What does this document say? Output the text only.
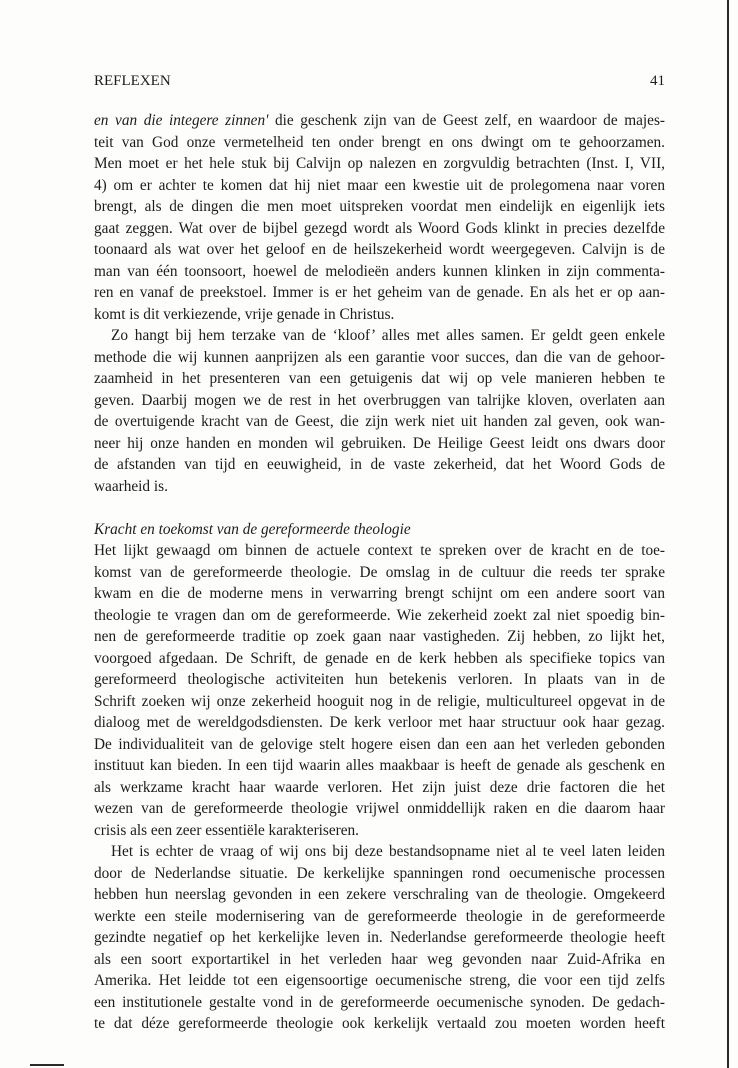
REFLEXEN	41
en van die integere zinnen' die geschenk zijn van de Geest zelf, en waardoor de majes-
teit van God onze vermetelheid ten onder brengt en ons dwingt om te gehoorzamen.
Men moet er het hele stuk bij Calvijn op nalezen en zorgvuldig betrachten (Inst. I, VII,
4) om er achter te komen dat hij niet maar een kwestie uit de prolegomena naar voren
brengt, als de dingen die men moet uitspreken voordat men eindelijk en eigenlijk iets
gaat zeggen. Wat over de bijbel gezegd wordt als Woord Gods klinkt in precies dezelfde
toonaard als wat over het geloof en de heilszekerheid wordt weergegeven. Calvijn is de
man van één toonsoort, hoewel de melodieën anders kunnen klinken in zijn commenta-
ren en vanaf de preekstoel. Immer is er het geheim van de genade. En als het er op aan-
komt is dit verkiezende, vrije genade in Christus.
Zo hangt bij hem terzake van de ‘kloof’ alles met alles samen. Er geldt geen enkele
methode die wij kunnen aanprijzen als een garantie voor succes, dan die van de gehoor-
zaamheid in het presenteren van een getuigenis dat wij op vele manieren hebben te
geven. Daarbij mogen we de rest in het overbruggen van talrijke kloven, overlaten aan
de overtuigende kracht van de Geest, die zijn werk niet uit handen zal geven, ook wan-
neer hij onze handen en monden wil gebruiken. De Heilige Geest leidt ons dwars door
de afstanden van tijd en eeuwigheid, in de vaste zekerheid, dat het Woord Gods de
waarheid is.
Kracht en toekomst van de gereformeerde theologie
Het lijkt gewaagd om binnen de actuele context te spreken over de kracht en de toe-
komst van de gereformeerde theologie. De omslag in de cultuur die reeds ter sprake
kwam en die de moderne mens in verwarring brengt schijnt om een andere soort van
theologie te vragen dan om de gereformeerde. Wie zekerheid zoekt zal niet spoedig bin-
nen de gereformeerde traditie op zoek gaan naar vastigheden. Zij hebben, zo lijkt het,
voorgoed afgedaan. De Schrift, de genade en de kerk hebben als specifieke topics van
gereformeerd theologische activiteiten hun betekenis verloren. In plaats van in de
Schrift zoeken wij onze zekerheid hooguit nog in de religie, multicultureel opgevat in de
dialoog met de wereldgodsdiensten. De kerk verloor met haar structuur ook haar gezag.
De individualiteit van de gelovige stelt hogere eisen dan een aan het verleden gebonden
instituut kan bieden. In een tijd waarin alles maakbaar is heeft de genade als geschenk en
als werkzame kracht haar waarde verloren. Het zijn juist deze drie factoren die het
wezen van de gereformeerde theologie vrijwel onmiddellijk raken en die daarom haar
crisis als een zeer essentiële karakteriseren.
Het is echter de vraag of wij ons bij deze bestandsopname niet al te veel laten leiden
door de Nederlandse situatie. De kerkelijke spanningen rond oecumenische processen
hebben hun neerslag gevonden in een zekere verschraling van de theologie. Omgekeerd
werkte een steile modernisering van de gereformeerde theologie in de gereformeerde
gezindte negatief op het kerkelijke leven in. Nederlandse gereformeerde theologie heeft
als een soort exportartikel in het verleden haar weg gevonden naar Zuid-Afrika en
Amerika. Het leidde tot een eigensoortige oecumenische streng, die voor een tijd zelfs
een institutionele gestalte vond in de gereformeerde oecumenische synoden. De gedach-
te dat déze gereformeerde theologie ook kerkelijk vertaald zou moeten worden heeft
